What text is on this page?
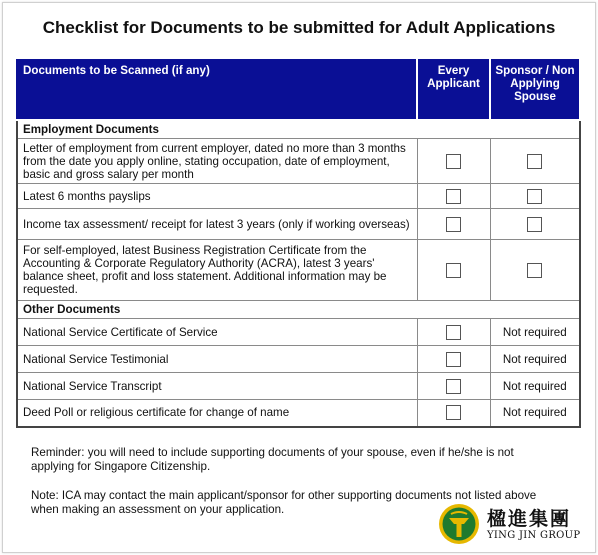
Checklist for Documents to be submitted for Adult Applications
Documents to be Scanned (if any)	Every Applicant	Sponsor / Non Applying Spouse
Employment Documents		
Letter of employment from current employer, dated no more than 3 months from the date you apply online, stating occupation, date of employment, basic and gross salary per month		
Latest 6 months payslips		
Income tax assessment/ receipt for latest 3 years (only if working overseas)		
For self-employed, latest Business Registration Certificate from the Accounting & Corporate Regulatory Authority (ACRA), latest 3 years' balance sheet, profit and loss statement. Additional information may be requested.		
Other Documents		
National Service Certificate of Service		Not required
National Service Testimonial		Not required
National Service Transcript		Not required
Deed Poll or religious certificate for change of name		Not required
Reminder: you will need to include supporting documents of your spouse, even if he/she is not applying for Singapore Citizenship.
Note: ICA may contact the main applicant/sponsor for other supporting documents not listed above when making an assessment on your application.	楹進集團
YING JIN GROUP
